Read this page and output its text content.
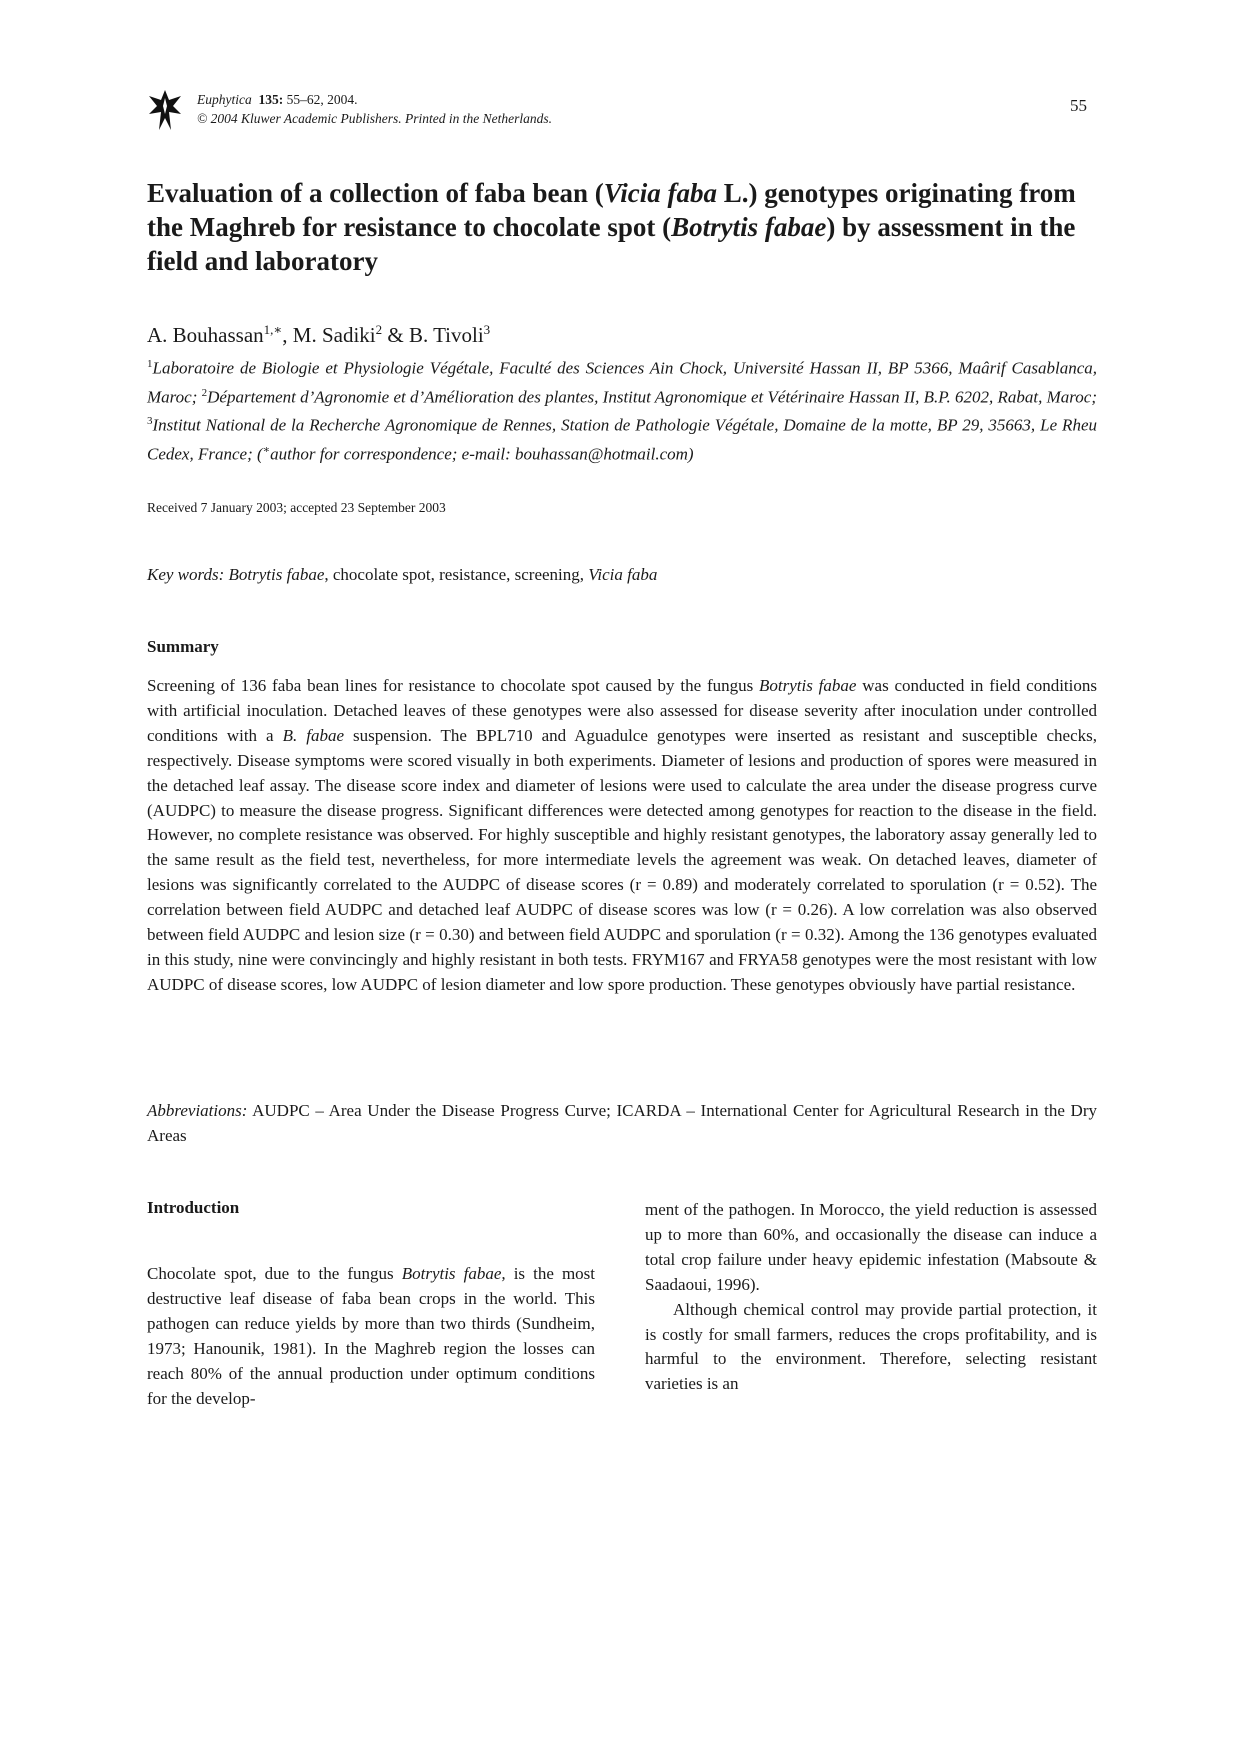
Euphytica 135: 55–62, 2004.
© 2004 Kluwer Academic Publishers. Printed in the Netherlands.
55
Evaluation of a collection of faba bean (Vicia faba L.) genotypes originating from the Maghreb for resistance to chocolate spot (Botrytis fabae) by assessment in the field and laboratory
A. Bouhassan$^{1,∗}$, M. Sadiki$^2$ & B. Tivoli$^3$
$^1$Laboratoire de Biologie et Physiologie Végétale, Faculté des Sciences Ain Chock, Université Hassan II, BP 5366, Maârif Casablanca, Maroc; $^2$Département d’Agronomie et d’Amélioration des plantes, Institut Agronomique et Vétérinaire Hassan II, B.P. 6202, Rabat, Maroc; $^3$Institut National de la Recherche Agronomique de Rennes, Station de Pathologie Végétale, Domaine de la motte, BP 29, 35663, Le Rheu Cedex, France; (∗author for correspondence; e-mail: bouhassan@hotmail.com)
Received 7 January 2003; accepted 23 September 2003
Key words: Botrytis fabae, chocolate spot, resistance, screening, Vicia faba
Summary
Screening of 136 faba bean lines for resistance to chocolate spot caused by the fungus Botrytis fabae was conducted in field conditions with artificial inoculation. Detached leaves of these genotypes were also assessed for disease severity after inoculation under controlled conditions with a B. fabae suspension. The BPL710 and Aguadulce genotypes were inserted as resistant and susceptible checks, respectively. Disease symptoms were scored visually in both experiments. Diameter of lesions and production of spores were measured in the detached leaf assay. The disease score index and diameter of lesions were used to calculate the area under the disease progress curve (AUDPC) to measure the disease progress. Significant differences were detected among genotypes for reaction to the disease in the field. However, no complete resistance was observed. For highly susceptible and highly resistant genotypes, the laboratory assay generally led to the same result as the field test, nevertheless, for more intermediate levels the agreement was weak. On detached leaves, diameter of lesions was significantly correlated to the AUDPC of disease scores (r = 0.89) and moderately correlated to sporulation (r = 0.52). The correlation between field AUDPC and detached leaf AUDPC of disease scores was low (r = 0.26). A low correlation was also observed between field AUDPC and lesion size (r = 0.30) and between field AUDPC and sporulation (r = 0.32). Among the 136 genotypes evaluated in this study, nine were convincingly and highly resistant in both tests. FRYM167 and FRYA58 genotypes were the most resistant with low AUDPC of disease scores, low AUDPC of lesion diameter and low spore production. These genotypes obviously have partial resistance.
Abbreviations: AUDPC – Area Under the Disease Progress Curve; ICARDA – International Center for Agricultural Research in the Dry Areas
Introduction

Chocolate spot, due to the fungus Botrytis fabae, is the most destructive leaf disease of faba bean crops in the world. This pathogen can reduce yields by more than two thirds (Sundheim, 1973; Hanounik, 1981). In the Maghreb region the losses can reach 80% of the annual production under optimum conditions for the develop-

ment of the pathogen. In Morocco, the yield reduction is assessed up to more than 60%, and occasionally the disease can induce a total crop failure under heavy epidemic infestation (Mabsoute & Saadaoui, 1996).

Although chemical control may provide partial protection, it is costly for small farmers, reduces the crops profitability, and is harmful to the environment. Therefore, selecting resistant varieties is an
